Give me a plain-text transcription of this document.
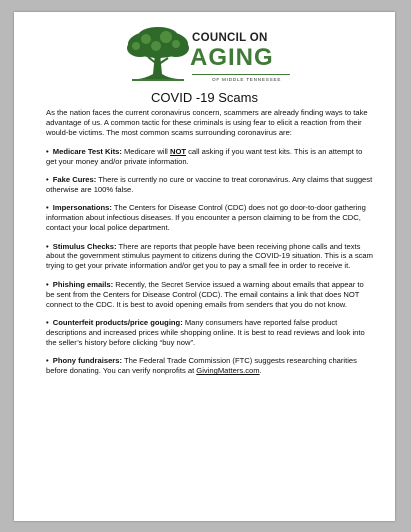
COUNCIL ON
AGING
OF MIDDLE TENNESSEE
COVID -19 Scams

As the nation faces the current coronavirus concern, scammers are already finding ways to take advantage of us. A common tactic for these criminals is using fear to elicit a reaction from their would-be victims. The most common scams surrounding coronavirus are:

• Medicare Test Kits: Medicare will NOT call asking if you want test kits. This is an attempt to get your money and/or private information.
• Fake Cures: There is currently no cure or vaccine to treat coronavirus. Any claims that suggest otherwise are 100% false.
• Impersonations: The Centers for Disease Control (CDC) does not go door-to-door gathering information about infectious diseases. If you encounter a person claiming to be from the CDC, contact your local police department.
• Stimulus Checks: There are reports that people have been receiving phone calls and texts about the government stimulus payment to citizens during the COVID-19 situation. This is a scam trying to get your private information and/or get you to pay a small fee in order to receive it.
• Phishing emails: Recently, the Secret Service issued a warning about emails that appear to be sent from the Centers for Disease Control (CDC). The email contains a link that does NOT connect to the CDC. It is best to avoid opening emails from senders that you do not know.
• Counterfeit products/price gouging: Many consumers have reported false product descriptions and increased prices while shopping online. It is best to read reviews and look into the seller’s history before clicking “buy now”.
• Phony fundraisers: The Federal Trade Commission (FTC) suggests researching charities before donating. You can verify nonprofits at GivingMatters.com.
